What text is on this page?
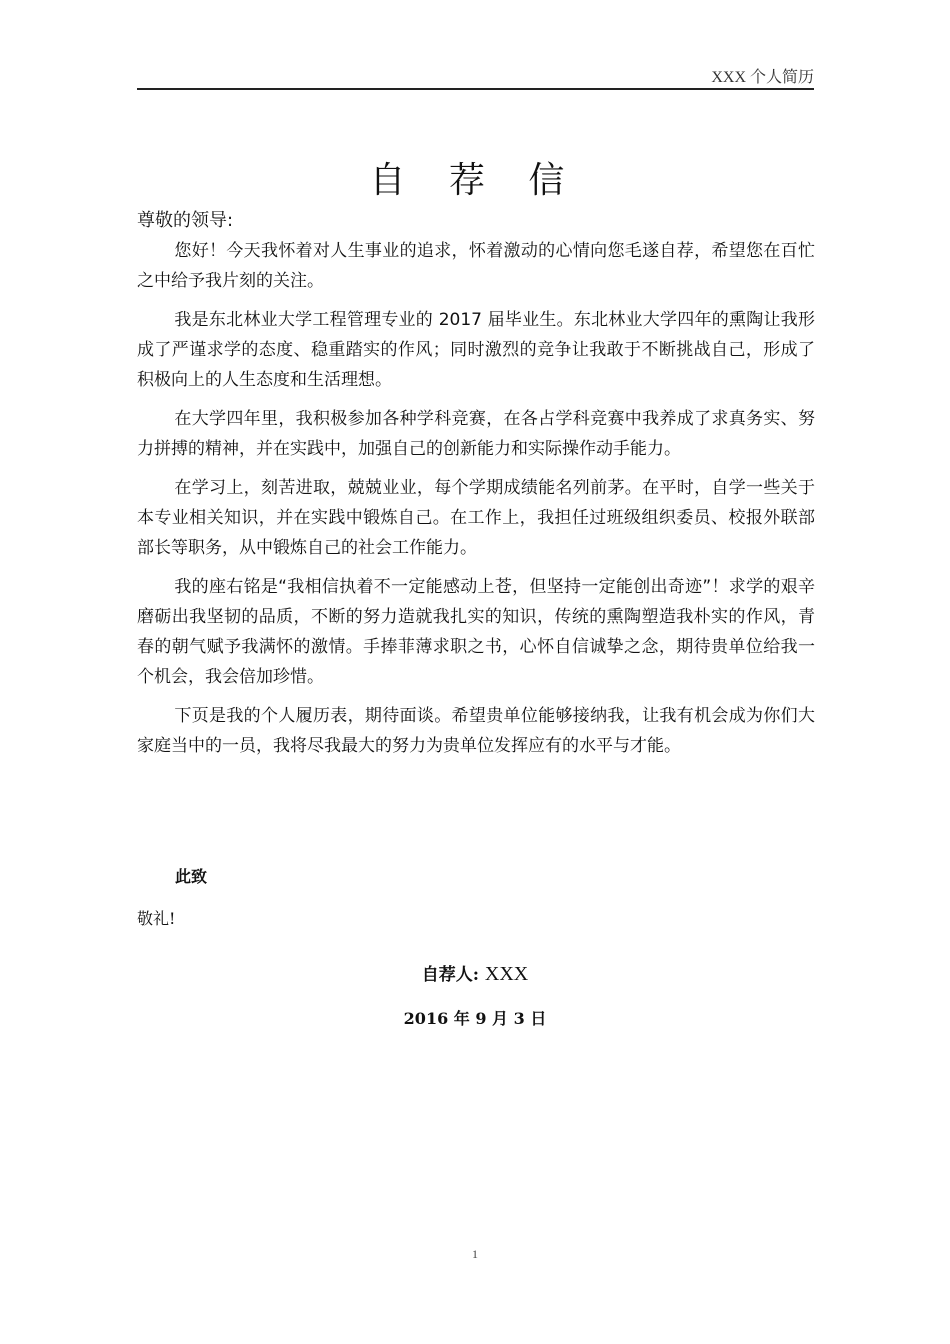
XXX 个人简历
自 荐 信

尊敬的领导:

您好！今天我怀着对人生事业的追求，怀着激动的心情向您毛遂自荐，希望您在百忙之中给予我片刻的关注。

我是东北林业大学工程管理专业的 2017 届毕业生。东北林业大学四年的熏陶让我形成了严谨求学的态度、稳重踏实的作风；同时激烈的竞争让我敢于不断挑战自己，形成了积极向上的人生态度和生活理想。

在大学四年里，我积极参加各种学科竞赛，在各占学科竞赛中我养成了求真务实、努力拼搏的精神，并在实践中，加强自己的创新能力和实际操作动手能力。

在学习上，刻苦进取，兢兢业业，每个学期成绩能名列前茅。在平时，自学一些关于本专业相关知识，并在实践中锻炼自己。在工作上，我担任过班级组织委员、校报外联部部长等职务，从中锻炼自己的社会工作能力。

我的座右铭是“我相信执着不一定能感动上苍，但坚持一定能创出奇迹”！求学的艰辛磨砺出我坚韧的品质，不断的努力造就我扎实的知识，传统的熏陶塑造我朴实的作风，青春的朝气赋予我满怀的激情。手捧菲薄求职之书，心怀自信诚挚之念，期待贵单位给我一个机会，我会倍加珍惜。

下页是我的个人履历表，期待面谈。希望贵单位能够接纳我，让我有机会成为你们大家庭当中的一员，我将尽我最大的努力为贵单位发挥应有的水平与才能。

此致

敬礼!

自荐人: XXX

2016 年 9 月 3 日

1
